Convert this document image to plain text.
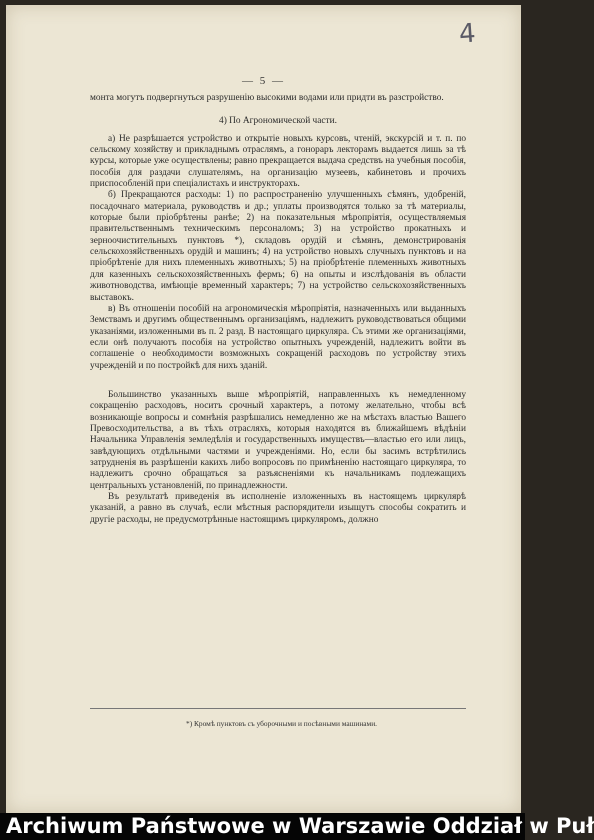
4
— 5 —

монта могутъ подвергнуться разрушенію высокими водами или придти въ разстройство.

4) По Агрономической части.

а) Не разрѣшается устройство и открытіе новыхъ курсовъ, чтеній, экскурсій и т. п. по сельскому хозяйству и прикладнымъ отраслямъ, а гонораръ лекторамъ выдается лишь за тѣ курсы, которые уже осуществлены; равно прекращается выдача средствъ на учебныя пособія, пособія для раздачи слушателямъ, на организацію музеевъ, кабинетовъ и прочихъ приспособленій при спеціалистахъ и инструкторахъ.

б) Прекращаются расходы: 1) по распространенію улучшенныхъ сѣмянъ, удобреній, посадочнаго материала, руководствъ и др.; уплаты производятся только за тѣ материалы, которые были пріобрѣтены ранѣе; 2) на показательныя мѣропріятія, осуществляемыя правительственнымъ техническимъ персоналомъ; 3) на устройство прокатныхъ и зерноочистительныхъ пунктовъ *), складовъ орудій и сѣмянъ, демонстрированія сельскохозяйственныхъ орудій и машинъ; 4) на устройство новыхъ случныхъ пунктовъ и на пріобрѣтеніе для нихъ племенныхъ животныхъ; 5) на пріобрѣтеніе племенныхъ животныхъ для казенныхъ сельскохозяйственныхъ фермъ; 6) на опыты и изслѣдованія въ области животноводства, имѣющіе временный характеръ; 7) на устройство сельскохозяйственныхъ выставокъ.

в) Въ отношеніи пособій на агрономическія мѣропріятія, назначенныхъ или выданныхъ Земствамъ и другимъ общественнымъ организаціямъ, надлежитъ руководствоваться общими указаніями, изложенными въ п. 2 разд. В настоящаго циркуляра. Съ этими же организаціями, если онѣ получаютъ пособія на устройство опытныхъ учрежденій, надлежитъ войти въ соглашеніе о необходимости возможныхъ сокращеній расходовъ по устройству этихъ учрежденій и по постройкѣ для нихъ зданій.

Большинство указанныхъ выше мѣропріятій, направленныхъ къ немедленному сокращенію расходовъ, носитъ срочный характеръ, а потому желательно, чтобы всѣ возникающіе вопросы и сомнѣнія разрѣшались немедленно же на мѣстахъ властью Вашего Превосходительства, а въ тѣхъ отрасляхъ, которыя находятся въ ближайшемъ вѣдѣніи Начальника Управленія земледѣлія и государственныхъ имуществъ—властью его или лицъ, завѣдующихъ отдѣльными частями и учрежденіями. Но, если бы засимъ встрѣтились затрудненія въ разрѣшеніи какихъ либо вопросовъ по примѣненію настоящаго циркуляра, то надлежитъ срочно обращаться за разъясненіями къ начальникамъ подлежащихъ центральныхъ установленій, по принадлежности.

Въ результатѣ приведенія въ исполненіе изложенныхъ въ настоящемъ циркулярѣ указаній, а равно въ случаѣ, если мѣстныя распорядители изыщутъ способы сократить и другіе расходы, не предусмотрѣнные настоящимъ циркуляромъ, должно

*) Кромѣ пунктовъ съ уборочными и посѣвными машинами.
Archiwum Państwowe w Warszawie Oddział w Puł
